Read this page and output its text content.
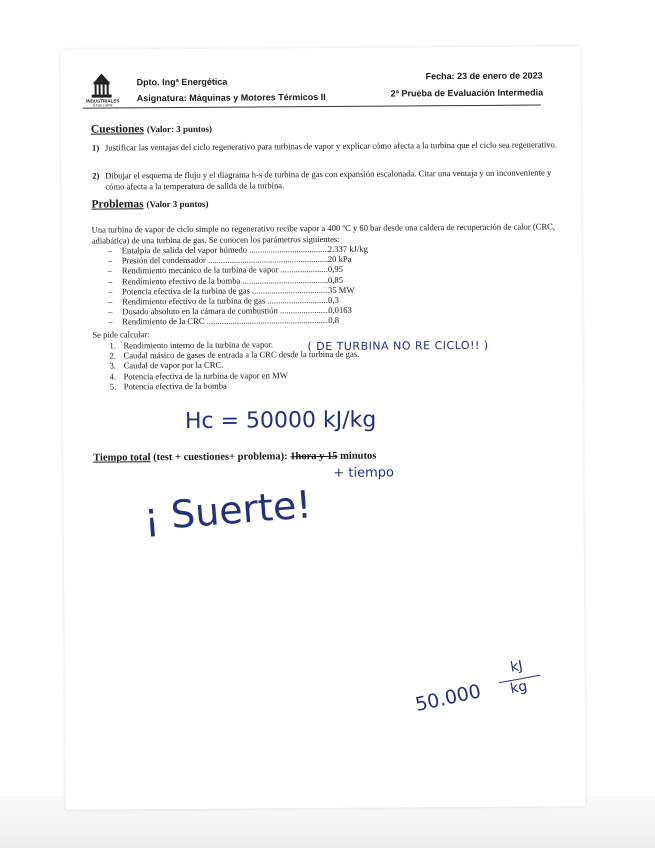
INDUSTRIALES
ETSII | UPM
Dpto. Ingª Energética
Asignatura: Máquinas y Motores Térmicos II
Fecha: 23 de enero de 2023
2ª Prueba de Evaluación Intermedia
Cuestiones (Valor: 3 puntos)
1) Justificar las ventajas del ciclo regenerativo para turbinas de vapor y explicar cómo afecta a la turbina que el ciclo sea regenerativo.
2) Dibujar el esquema de flujo y el diagrama h-s de turbina de gas con expansión escalonada. Citar una ventaja y un inconveniente y cómo afecta a la temperatura de salida de la turbina.
Problemas (Valor 3 puntos)
Una turbina de vapor de ciclo simple no regenerativo recibe vapor a 400 ºC y 60 bar desde una caldera de recuperación de calor (CRC, adiabática) de una turbina de gas. Se conocen los parámetros siguientes:
– Entalpía de salida del vapor húmedo .....	2.337 kJ/kg
– Presión del condensador .....	20 kPa
– Rendimiento mecánico de la turbina de vapor .....	0,95
– Rendimiento efectivo de la bomba .....	0,85
– Potencia efectiva de la turbina de gas .....	35 MW
– Rendimiento efectivo de la turbina de gas .....	0,3
– Dosado absoluto en la cámara de combustión .....	0,0163
– Rendimiento de la CRC .....	0,8
Se pide calcular:
1. Rendimiento interno de la turbina de vapor.
2. Caudal másico de gases de entrada a la CRC desde la turbina de gas.
3. Caudal de vapor por la CRC.
4. Potencia efectiva de la turbina de vapor en MW
5. Potencia efectiva de la bomba
( DE TURBINA NO RE CICLO!! )
Hc = 50000 kJ/kg
Tiempo total (test + cuestiones+ problema): 1hora y 15 minutos
+ tiempo
¡ Suerte!
50.000
kJ
kg
